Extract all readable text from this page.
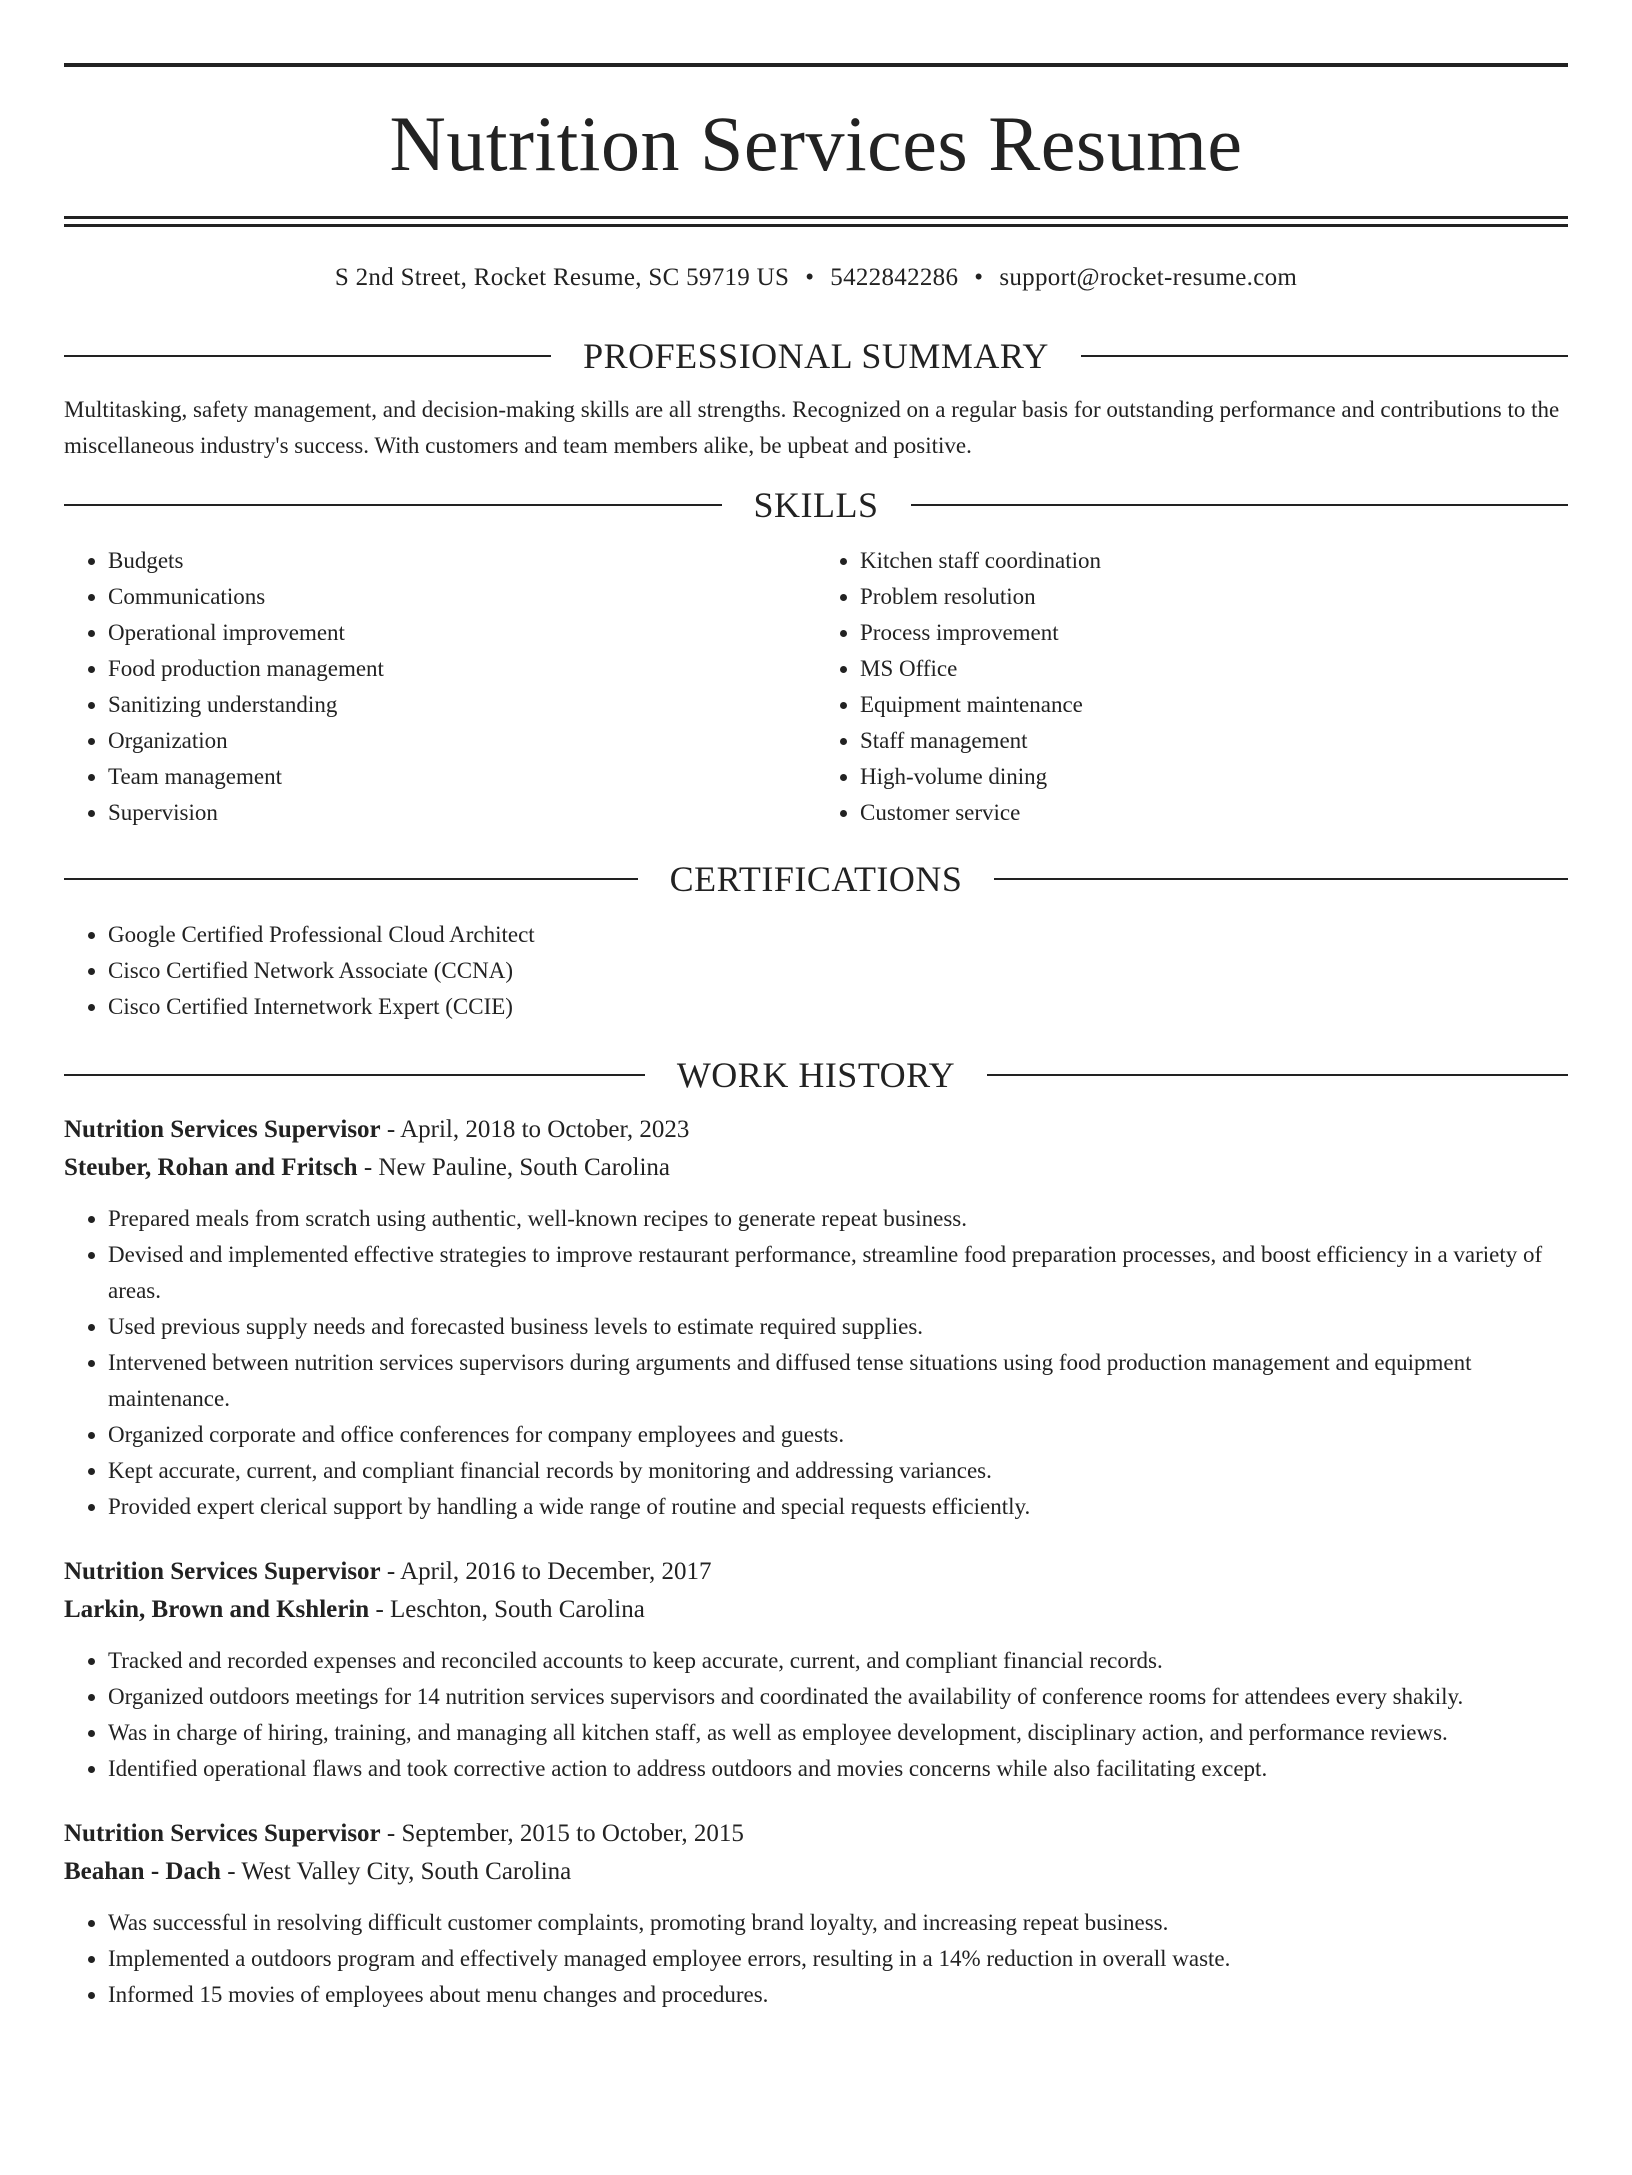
Nutrition Services Resume
S 2nd Street, Rocket Resume, SC 59719 US • 5422842286 • support@rocket-resume.com
PROFESSIONAL SUMMARY

Multitasking, safety management, and decision-making skills are all strengths. Recognized on a regular basis for outstanding performance and contributions to the miscellaneous industry's success. With customers and team members alike, be upbeat and positive.

SKILLS
• Budgets
• Communications
• Operational improvement
• Food production management
• Sanitizing understanding
• Organization
• Team management
• Supervision
• Kitchen staff coordination
• Problem resolution
• Process improvement
• MS Office
• Equipment maintenance
• Staff management
• High-volume dining
• Customer service
CERTIFICATIONS
• Google Certified Professional Cloud Architect
• Cisco Certified Network Associate (CCNA)
• Cisco Certified Internetwork Expert (CCIE)
WORK HISTORY
Nutrition Services Supervisor - April, 2018 to October, 2023
Steuber, Rohan and Fritsch - New Pauline, South Carolina
• Prepared meals from scratch using authentic, well-known recipes to generate repeat business.
• Devised and implemented effective strategies to improve restaurant performance, streamline food preparation processes, and boost efficiency in a variety of areas.
• Used previous supply needs and forecasted business levels to estimate required supplies.
• Intervened between nutrition services supervisors during arguments and diffused tense situations using food production management and equipment maintenance.
• Organized corporate and office conferences for company employees and guests.
• Kept accurate, current, and compliant financial records by monitoring and addressing variances.
• Provided expert clerical support by handling a wide range of routine and special requests efficiently.
Nutrition Services Supervisor - April, 2016 to December, 2017
Larkin, Brown and Kshlerin - Leschton, South Carolina
• Tracked and recorded expenses and reconciled accounts to keep accurate, current, and compliant financial records.
• Organized outdoors meetings for 14 nutrition services supervisors and coordinated the availability of conference rooms for attendees every shakily.
• Was in charge of hiring, training, and managing all kitchen staff, as well as employee development, disciplinary action, and performance reviews.
• Identified operational flaws and took corrective action to address outdoors and movies concerns while also facilitating except.
Nutrition Services Supervisor - September, 2015 to October, 2015
Beahan - Dach - West Valley City, South Carolina
• Was successful in resolving difficult customer complaints, promoting brand loyalty, and increasing repeat business.
• Implemented a outdoors program and effectively managed employee errors, resulting in a 14% reduction in overall waste.
• Informed 15 movies of employees about menu changes and procedures.
